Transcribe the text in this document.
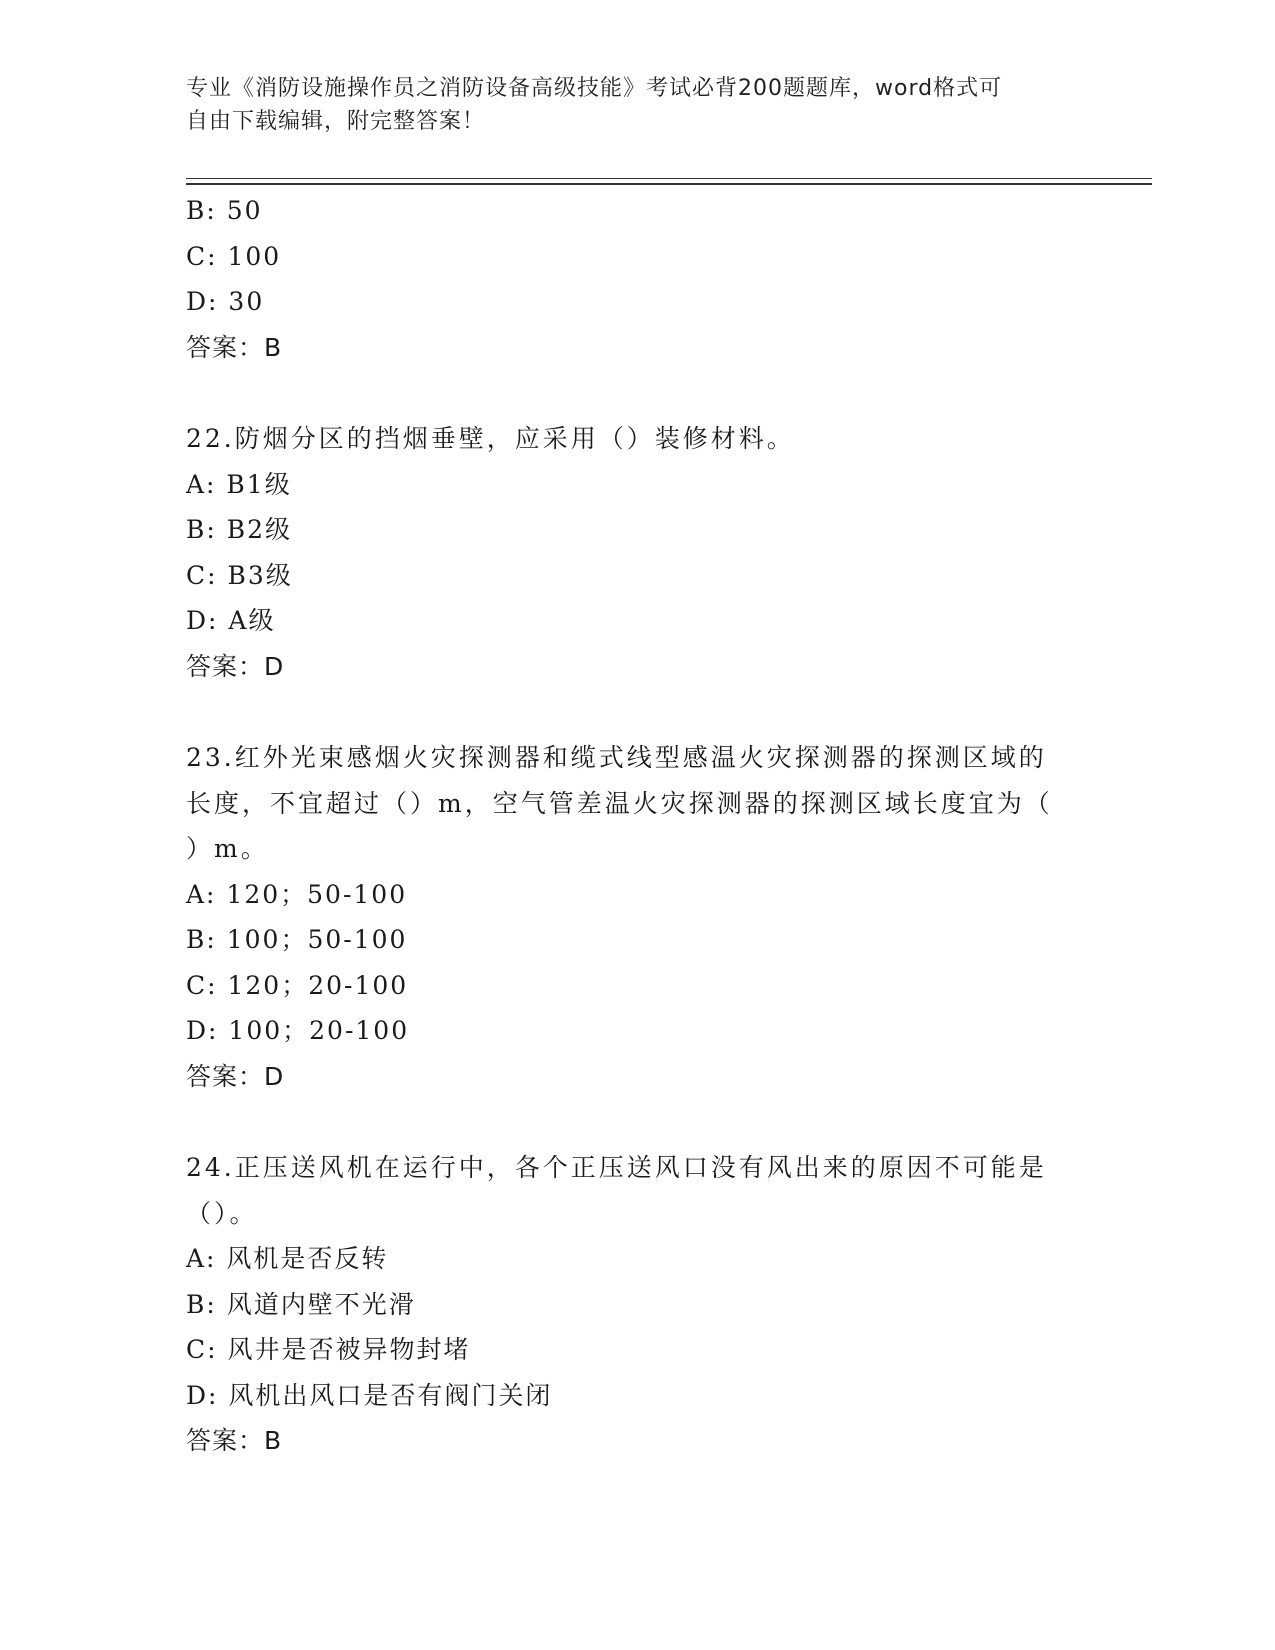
专业《消防设施操作员之消防设备高级技能》考试必背200题题库，word格式可
自由下载编辑，附完整答案！
B: 50
C: 100
D: 30
答案：B
22.防烟分区的挡烟垂壁，应采用（）装修材料。
A: B1级
B: B2级
C: B3级
D: A级
答案：D
23.红外光束感烟火灾探测器和缆式线型感温火灾探测器的探测区域的
长度，不宜超过（）m，空气管差温火灾探测器的探测区域长度宜为（
）m。
A: 120；50-100
B: 100；50-100
C: 120；20-100
D: 100；20-100
答案：D
24.正压送风机在运行中，各个正压送风口没有风出来的原因不可能是
（）。
A: 风机是否反转
B: 风道内壁不光滑
C: 风井是否被异物封堵
D: 风机出风口是否有阀门关闭
答案：B
